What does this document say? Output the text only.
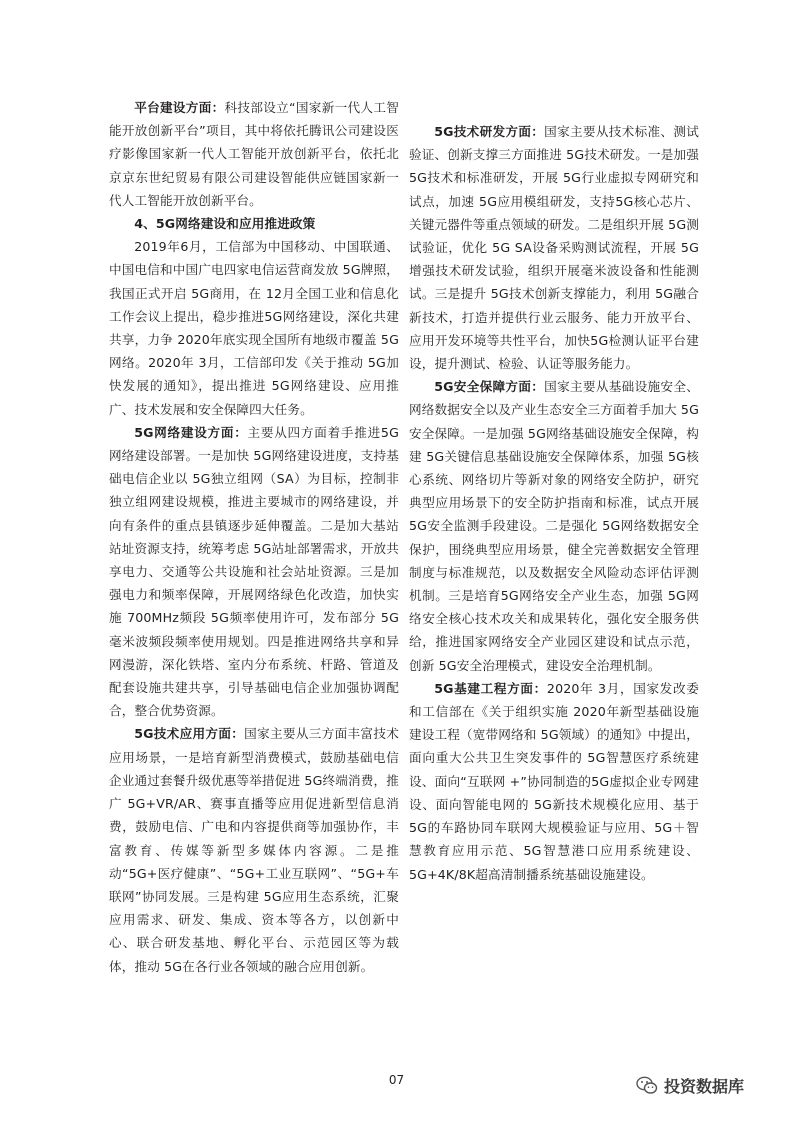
平台建设方面：科技部设立“国家新一代人工智能开放创新平台”项目，其中将依托腾讯公司建设医疗影像国家新一代人工智能开放创新平台，依托北京京东世纪贸易有限公司建设智能供应链国家新一代人工智能开放创新平台。

4、5G网络建设和应用推进政策

2019年6月，工信部为中国移动、中国联通、中国电信和中国广电四家电信运营商发放 5G牌照，我国正式开启 5G商用，在 12月全国工业和信息化工作会议上提出，稳步推进5G网络建设，深化共建共享，力争 2020年底实现全国所有地级市覆盖 5G网络。2020年 3月，工信部印发《关于推动 5G加快发展的通知》，提出推进 5G网络建设、应用推广、技术发展和安全保障四大任务。

5G网络建设方面：主要从四方面着手推进5G网络建设部署。一是加快 5G网络建设进度，支持基础电信企业以 5G独立组网（SA）为目标，控制非独立组网建设规模，推进主要城市的网络建设，并向有条件的重点县镇逐步延伸覆盖。二是加大基站站址资源支持，统筹考虑 5G站址部署需求，开放共享电力、交通等公共设施和社会站址资源。三是加强电力和频率保障，开展网络绿色化改造，加快实施 700MHz频段 5G频率使用许可，发布部分 5G毫米波频段频率使用规划。四是推进网络共享和异网漫游，深化铁塔、室内分布系统、杆路、管道及配套设施共建共享，引导基础电信企业加强协调配合，整合优势资源。

5G技术应用方面：国家主要从三方面丰富技术应用场景，一是培育新型消费模式，鼓励基础电信企业通过套餐升级优惠等举措促进 5G终端消费，推广 5G+VR/AR、赛事直播等应用促进新型信息消费，鼓励电信、广电和内容提供商等加强协作，丰富教育、传媒等新型多媒体内容源。二是推动“5G+医疗健康”、“5G+工业互联网”、“5G+车联网”协同发展。三是构建 5G应用生态系统，汇聚应用需求、研发、集成、资本等各方，以创新中心、联合研发基地、孵化平台、示范园区等为载体，推动 5G在各行业各领域的融合应用创新。

5G技术研发方面：国家主要从技术标准、测试验证、创新支撑三方面推进 5G技术研发。一是加强 5G技术和标准研发，开展 5G行业虚拟专网研究和试点，加速 5G应用模组研发，支持5G核心芯片、关键元器件等重点领域的研发。二是组织开展 5G测试验证，优化 5G SA设备采购测试流程，开展 5G增强技术研发试验，组织开展毫米波设备和性能测试。三是提升 5G技术创新支撑能力，利用 5G融合新技术，打造并提供行业云服务、能力开放平台、应用开发环境等共性平台，加快5G检测认证平台建设，提升测试、检验、认证等服务能力。

5G安全保障方面：国家主要从基础设施安全、网络数据安全以及产业生态安全三方面着手加大 5G安全保障。一是加强 5G网络基础设施安全保障，构建 5G关键信息基础设施安全保障体系，加强 5G核心系统、网络切片等新对象的网络安全防护，研究典型应用场景下的安全防护指南和标准，试点开展 5G安全监测手段建设。二是强化 5G网络数据安全保护，围绕典型应用场景，健全完善数据安全管理制度与标准规范，以及数据安全风险动态评估评测机制。三是培育5G网络安全产业生态，加强 5G网络安全核心技术攻关和成果转化，强化安全服务供给，推进国家网络安全产业园区建设和试点示范，创新 5G安全治理模式，建设安全治理机制。

5G基建工程方面：2020年 3月，国家发改委和工信部在《关于组织实施 2020年新型基础设施建设工程（宽带网络和 5G领域）的通知》中提出，面向重大公共卫生突发事件的 5G智慧医疗系统建设、面向“互联网 +”协同制造的5G虚拟企业专网建设、面向智能电网的 5G新技术规模化应用、基于 5G的车路协同车联网大规模验证与应用、5G＋智慧教育应用示范、5G智慧港口应用系统建设、5G+4K/8K超高清制播系统基础设施建设。

07	投资数据库
